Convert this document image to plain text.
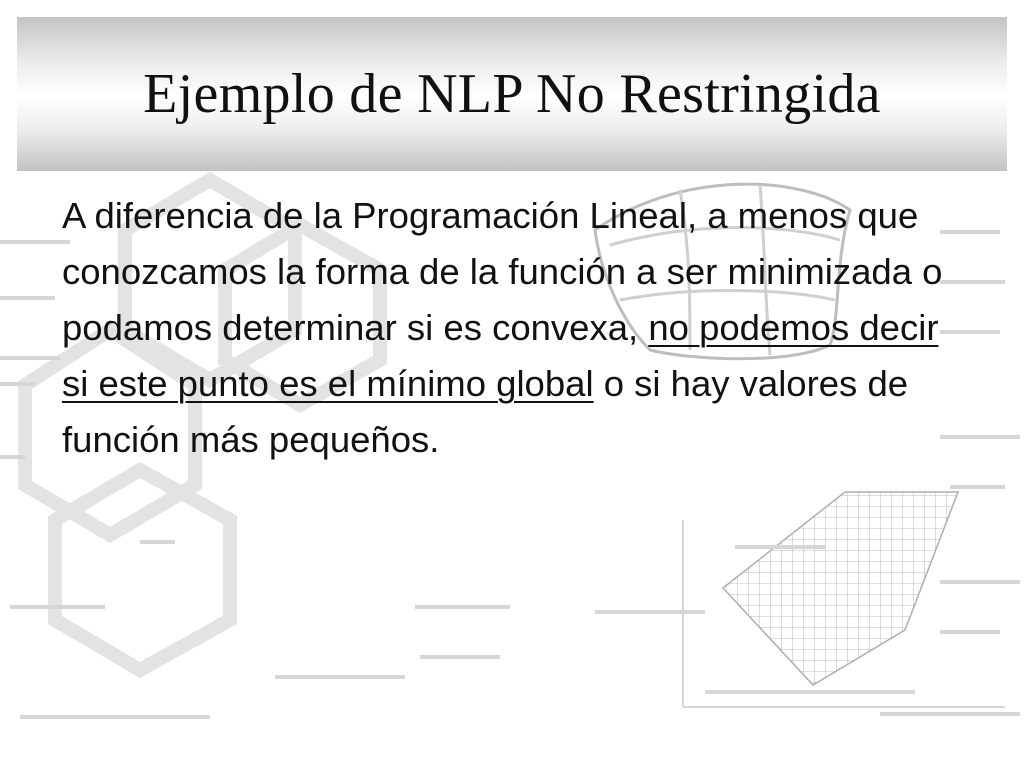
Ejemplo de NLP No Restringida

A diferencia de la Programación Lineal, a menos que conozcamos la forma de la función a ser minimizada o podamos determinar si es convexa, no podemos decir si este punto es el mínimo global o si hay valores de función más pequeños.
